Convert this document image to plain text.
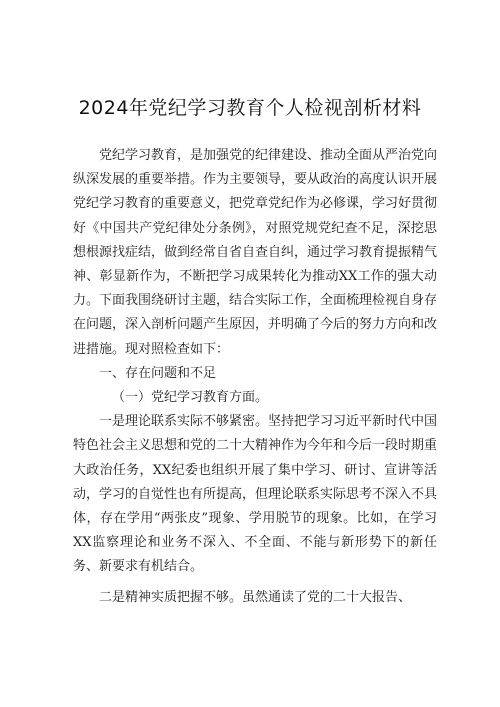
2024年党纪学习教育个人检视剖析材料

党纪学习教育，是加强党的纪律建设、推动全面从严治党向纵深发展的重要举措。作为主要领导，要从政治的高度认识开展党纪学习教育的重要意义，把党章党纪作为必修课，学习好贯彻好《中国共产党纪律处分条例》，对照党规党纪查不足，深挖思想根源找症结，做到经常自省自查自纠，通过学习教育提振精气神、彰显新作为，不断把学习成果转化为推动XX工作的强大动力。下面我围绕研讨主题，结合实际工作，全面梳理检视自身存在问题，深入剖析问题产生原因，并明确了今后的努力方向和改进措施。现对照检查如下：

一、存在问题和不足

（一）党纪学习教育方面。

一是理论联系实际不够紧密。坚持把学习习近平新时代中国特色社会主义思想和党的二十大精神作为今年和今后一段时期重大政治任务，XX纪委也组织开展了集中学习、研讨、宣讲等活动，学习的自觉性也有所提高，但理论联系实际思考不深入不具体，存在学用“两张皮”现象、学用脱节的现象。比如，在学习XX监察理论和业务不深入、不全面、不能与新形势下的新任务、新要求有机结合。

二是精神实质把握不够。虽然通读了党的二十大报告、
